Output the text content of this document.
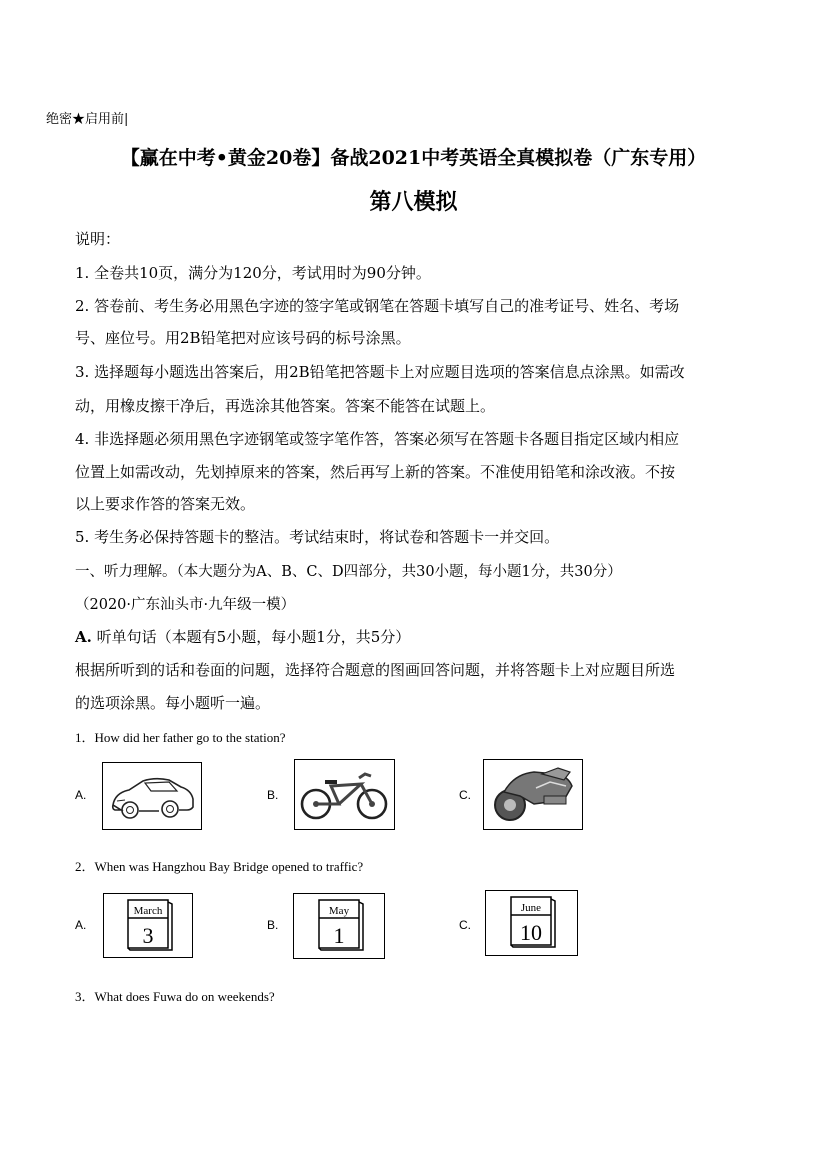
绝密★启用前|
【赢在中考•黄金20卷】备战2021中考英语全真模拟卷（广东专用）
第八模拟
说明：
1. 全卷共10页，满分为120分，考试用时为90分钟。
2. 答卷前、考生务必用黑色字迹的签字笔或钢笔在答题卡填写自己的准考证号、姓名、考场
号、座位号。用2B铅笔把对应该号码的标号涂黑。
3. 选择题每小题选出答案后，用2B铅笔把答题卡上对应题目选项的答案信息点涂黑。如需改
动，用橡皮擦干净后，再选涂其他答案。答案不能答在试题上。
4. 非选择题必须用黑色字迹钢笔或签字笔作答，答案必须写在答题卡各题目指定区域内相应
位置上如需改动，先划掉原来的答案，然后再写上新的答案。不准使用铅笔和涂改液。不按
以上要求作答的答案无效。
5. 考生务必保持答题卡的整洁。考试结束时，将试卷和答题卡一并交回。
一、听力理解。（本大题分为A、B、C、D四部分，共30小题，每小题1分，共30分）
（2020·广东汕头市·九年级一模）
A. 听单句话（本题有5小题，每小题1分，共5分）
根据所听到的话和卷面的问题，选择符合题意的图画回答问题，并将答题卡上对应题目所选
的选项涂黑。每小题听一遍。
1．How did her father go to the station?
A.	B.	C.
2．When was Hangzhou Bay Bridge opened to traffic?
A.
March
3	B.
May
1	C.
June
10
3．What does Fuwa do on weekends?
